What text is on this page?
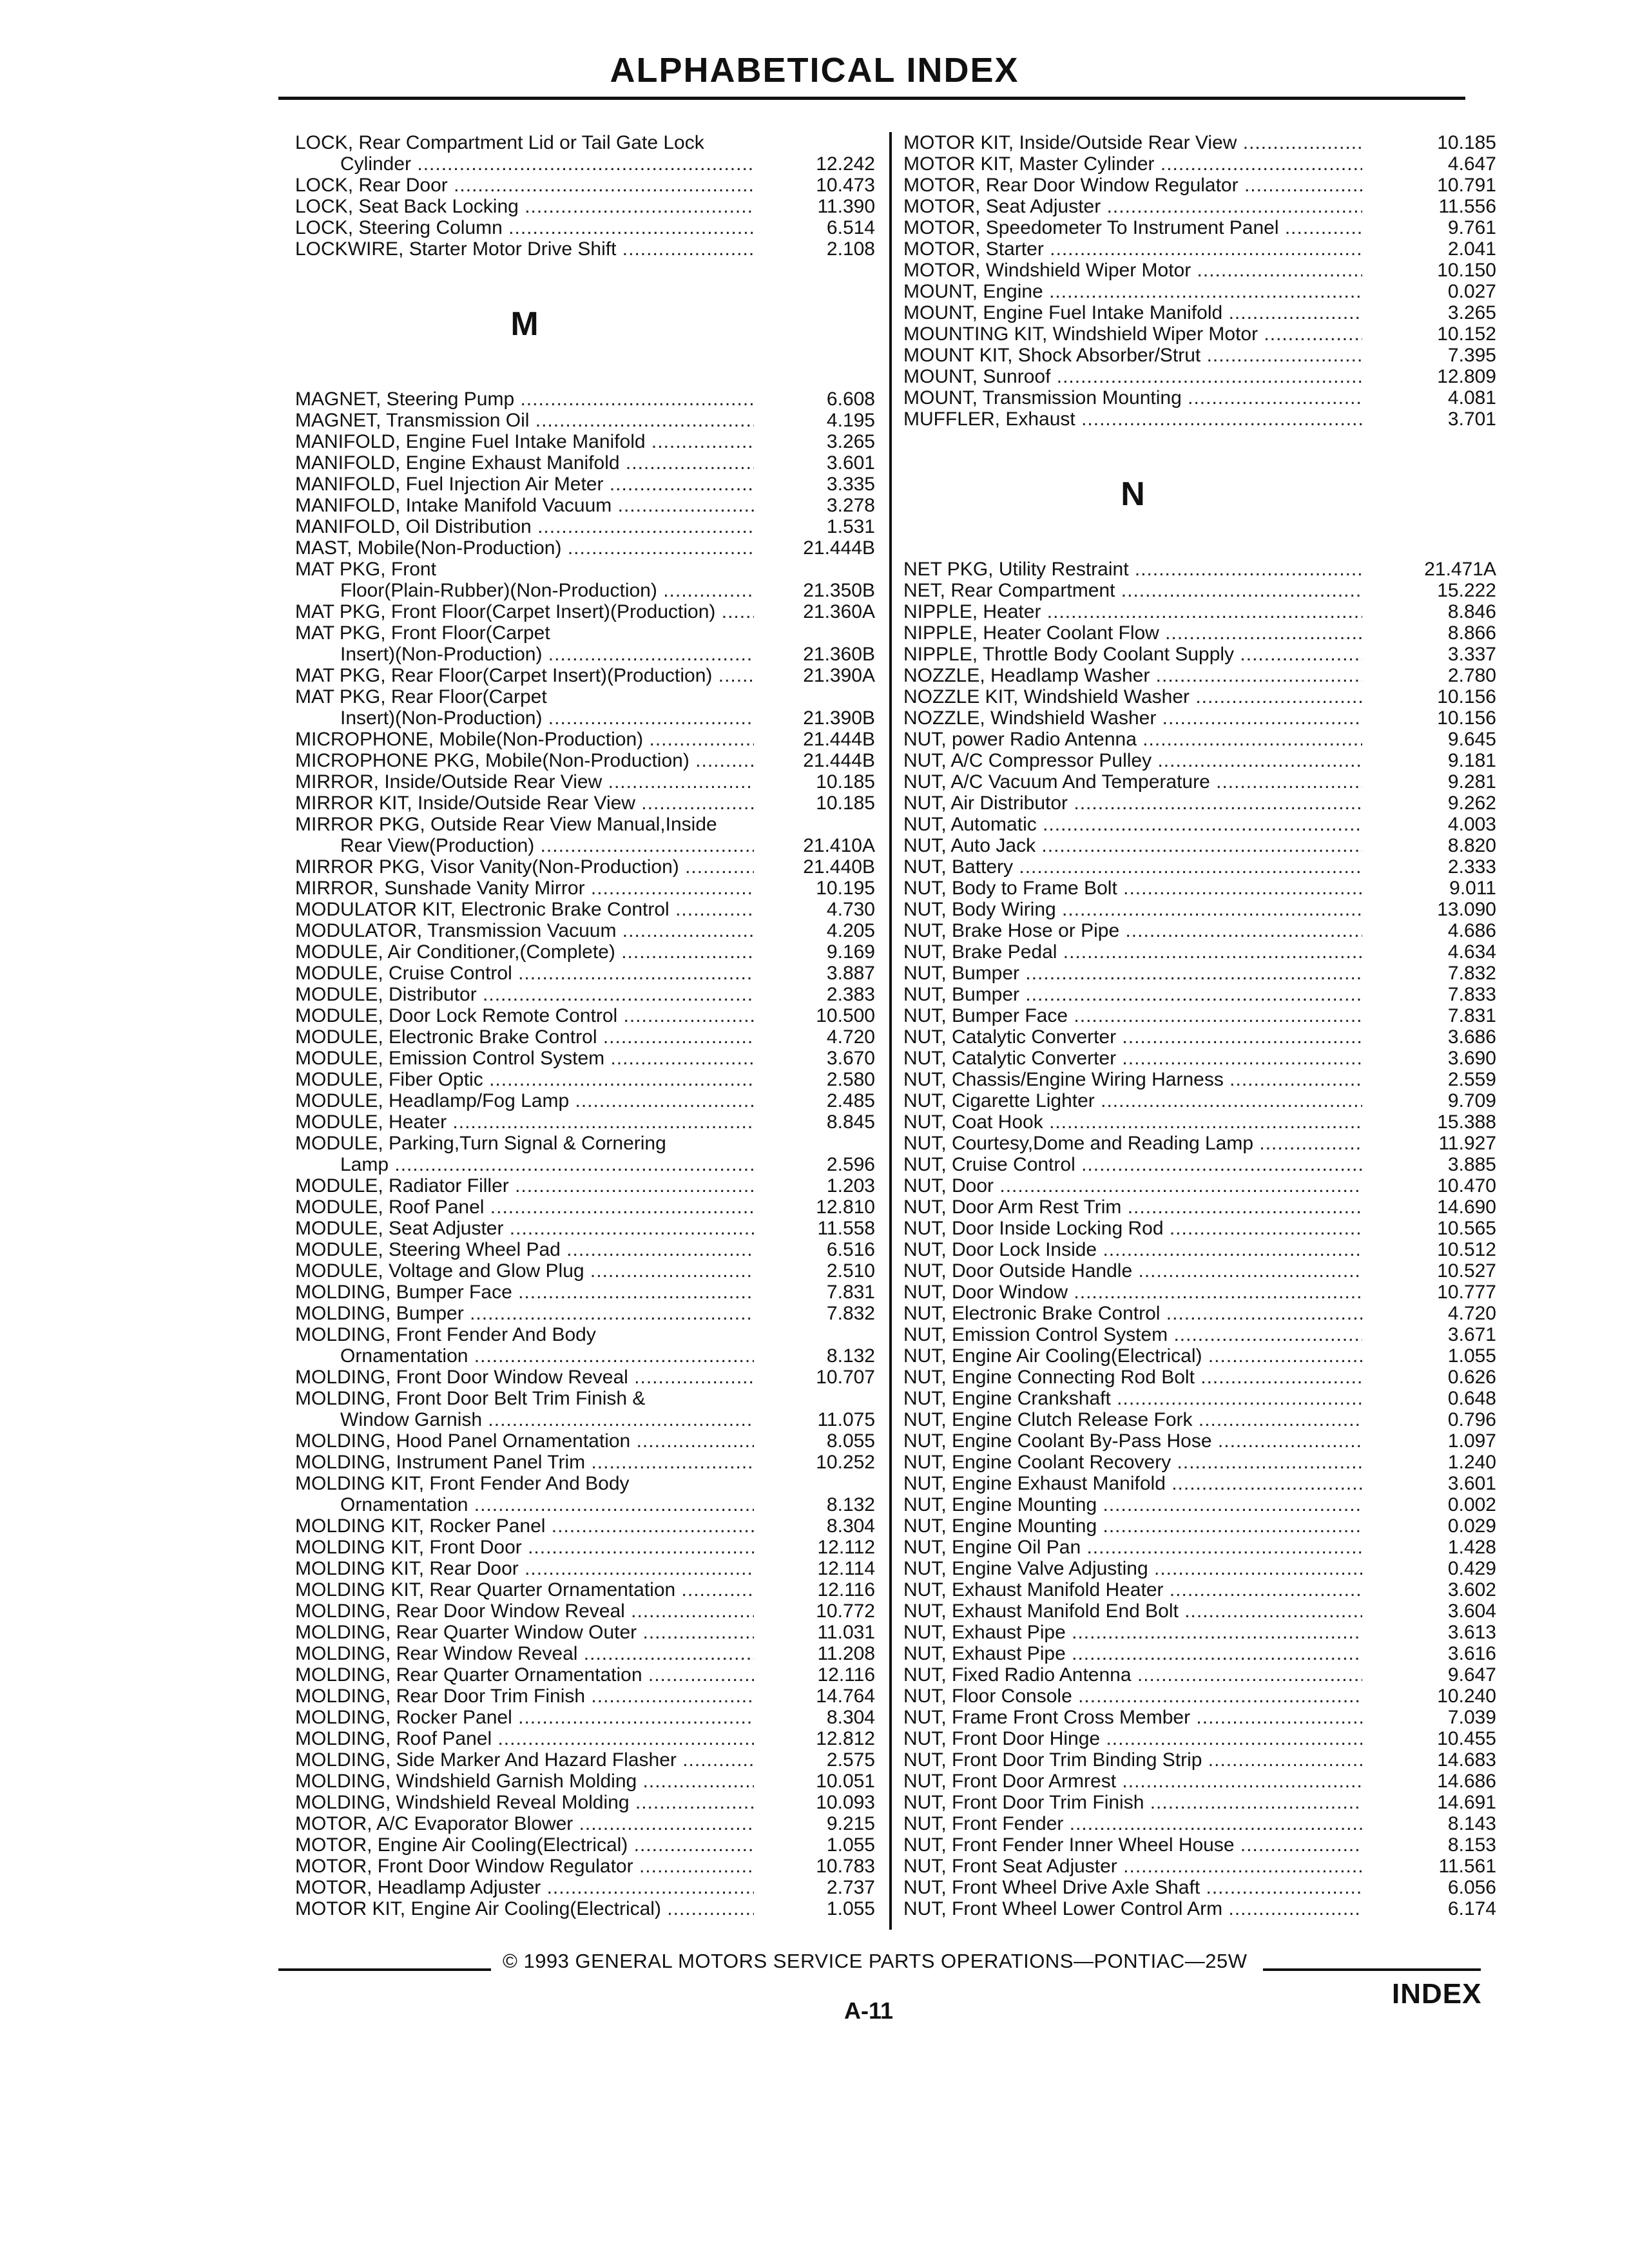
ALPHABETICAL INDEX
LOCK, Rear Compartment Lid or Tail Gate Lock
Cylinder .....	12.242
LOCK, Rear Door .....	10.473
LOCK, Seat Back Locking .....	11.390
LOCK, Steering Column .....	6.514
LOCKWIRE, Starter Motor Drive Shift .....	2.108
M
MAGNET, Steering Pump .....	6.608
MAGNET, Transmission Oil .....	4.195
MANIFOLD, Engine Fuel Intake Manifold .....	3.265
MANIFOLD, Engine Exhaust Manifold .....	3.601
MANIFOLD, Fuel Injection Air Meter .....	3.335
MANIFOLD, Intake Manifold Vacuum .....	3.278
MANIFOLD, Oil Distribution .....	1.531
MAST, Mobile(Non-Production) .....	21.444B
MAT PKG, Front
Floor(Plain-Rubber)(Non-Production) .....	21.350B
MAT PKG, Front Floor(Carpet Insert)(Production) .....	21.360A
MAT PKG, Front Floor(Carpet
Insert)(Non-Production) .....	21.360B
MAT PKG, Rear Floor(Carpet Insert)(Production) .....	21.390A
MAT PKG, Rear Floor(Carpet
Insert)(Non-Production) .....	21.390B
MICROPHONE, Mobile(Non-Production) .....	21.444B
MICROPHONE PKG, Mobile(Non-Production) .....	21.444B
MIRROR, Inside/Outside Rear View .....	10.185
MIRROR KIT, Inside/Outside Rear View .....	10.185
MIRROR PKG, Outside Rear View Manual,Inside
Rear View(Production) .....	21.410A
MIRROR PKG, Visor Vanity(Non-Production) .....	21.440B
MIRROR, Sunshade Vanity Mirror .....	10.195
MODULATOR KIT, Electronic Brake Control .....	4.730
MODULATOR, Transmission Vacuum .....	4.205
MODULE, Air Conditioner,(Complete) .....	9.169
MODULE, Cruise Control .....	3.887
MODULE, Distributor .....	2.383
MODULE, Door Lock Remote Control .....	10.500
MODULE, Electronic Brake Control .....	4.720
MODULE, Emission Control System .....	3.670
MODULE, Fiber Optic .....	2.580
MODULE, Headlamp/Fog Lamp .....	2.485
MODULE, Heater .....	8.845
MODULE, Parking,Turn Signal & Cornering
Lamp .....	2.596
MODULE, Radiator Filler .....	1.203
MODULE, Roof Panel .....	12.810
MODULE, Seat Adjuster .....	11.558
MODULE, Steering Wheel Pad .....	6.516
MODULE, Voltage and Glow Plug .....	2.510
MOLDING, Bumper Face .....	7.831
MOLDING, Bumper .....	7.832
MOLDING, Front Fender And Body
Ornamentation .....	8.132
MOLDING, Front Door Window Reveal .....	10.707
MOLDING, Front Door Belt Trim Finish &
Window Garnish .....	11.075
MOLDING, Hood Panel Ornamentation .....	8.055
MOLDING, Instrument Panel Trim .....	10.252
MOLDING KIT, Front Fender And Body
Ornamentation .....	8.132
MOLDING KIT, Rocker Panel .....	8.304
MOLDING KIT, Front Door .....	12.112
MOLDING KIT, Rear Door .....	12.114
MOLDING KIT, Rear Quarter Ornamentation .....	12.116
MOLDING, Rear Door Window Reveal .....	10.772
MOLDING, Rear Quarter Window Outer .....	11.031
MOLDING, Rear Window Reveal .....	11.208
MOLDING, Rear Quarter Ornamentation .....	12.116
MOLDING, Rear Door Trim Finish .....	14.764
MOLDING, Rocker Panel .....	8.304
MOLDING, Roof Panel .....	12.812
MOLDING, Side Marker And Hazard Flasher .....	2.575
MOLDING, Windshield Garnish Molding .....	10.051
MOLDING, Windshield Reveal Molding .....	10.093
MOTOR, A/C Evaporator Blower .....	9.215
MOTOR, Engine Air Cooling(Electrical) .....	1.055
MOTOR, Front Door Window Regulator .....	10.783
MOTOR, Headlamp Adjuster .....	2.737
MOTOR KIT, Engine Air Cooling(Electrical) .....	1.055
MOTOR KIT, Inside/Outside Rear View .....	10.185
MOTOR KIT, Master Cylinder .....	4.647
MOTOR, Rear Door Window Regulator .....	10.791
MOTOR, Seat Adjuster .....	11.556
MOTOR, Speedometer To Instrument Panel .....	9.761
MOTOR, Starter .....	2.041
MOTOR, Windshield Wiper Motor .....	10.150
MOUNT, Engine .....	0.027
MOUNT, Engine Fuel Intake Manifold .....	3.265
MOUNTING KIT, Windshield Wiper Motor .....	10.152
MOUNT KIT, Shock Absorber/Strut .....	7.395
MOUNT, Sunroof .....	12.809
MOUNT, Transmission Mounting .....	4.081
MUFFLER, Exhaust .....	3.701
N
NET PKG, Utility Restraint .....	21.471A
NET, Rear Compartment .....	15.222
NIPPLE, Heater .....	8.846
NIPPLE, Heater Coolant Flow .....	8.866
NIPPLE, Throttle Body Coolant Supply .....	3.337
NOZZLE, Headlamp Washer .....	2.780
NOZZLE KIT, Windshield Washer .....	10.156
NOZZLE, Windshield Washer .....	10.156
NUT, power Radio Antenna .....	9.645
NUT, A/C Compressor Pulley .....	9.181
NUT, A/C Vacuum And Temperature .....	9.281
NUT, Air Distributor .....	9.262
NUT, Automatic .....	4.003
NUT, Auto Jack .....	8.820
NUT, Battery .....	2.333
NUT, Body to Frame Bolt .....	9.011
NUT, Body Wiring .....	13.090
NUT, Brake Hose or Pipe .....	4.686
NUT, Brake Pedal .....	4.634
NUT, Bumper .....	7.832
NUT, Bumper .....	7.833
NUT, Bumper Face .....	7.831
NUT, Catalytic Converter .....	3.686
NUT, Catalytic Converter .....	3.690
NUT, Chassis/Engine Wiring Harness .....	2.559
NUT, Cigarette Lighter .....	9.709
NUT, Coat Hook .....	15.388
NUT, Courtesy,Dome and Reading Lamp .....	11.927
NUT, Cruise Control .....	3.885
NUT, Door .....	10.470
NUT, Door Arm Rest Trim .....	14.690
NUT, Door Inside Locking Rod .....	10.565
NUT, Door Lock Inside .....	10.512
NUT, Door Outside Handle .....	10.527
NUT, Door Window .....	10.777
NUT, Electronic Brake Control .....	4.720
NUT, Emission Control System .....	3.671
NUT, Engine Air Cooling(Electrical) .....	1.055
NUT, Engine Connecting Rod Bolt .....	0.626
NUT, Engine Crankshaft .....	0.648
NUT, Engine Clutch Release Fork .....	0.796
NUT, Engine Coolant By-Pass Hose .....	1.097
NUT, Engine Coolant Recovery .....	1.240
NUT, Engine Exhaust Manifold .....	3.601
NUT, Engine Mounting .....	0.002
NUT, Engine Mounting .....	0.029
NUT, Engine Oil Pan .....	1.428
NUT, Engine Valve Adjusting .....	0.429
NUT, Exhaust Manifold Heater .....	3.602
NUT, Exhaust Manifold End Bolt .....	3.604
NUT, Exhaust Pipe .....	3.613
NUT, Exhaust Pipe .....	3.616
NUT, Fixed Radio Antenna .....	9.647
NUT, Floor Console .....	10.240
NUT, Frame Front Cross Member .....	7.039
NUT, Front Door Hinge .....	10.455
NUT, Front Door Trim Binding Strip .....	14.683
NUT, Front Door Armrest .....	14.686
NUT, Front Door Trim Finish .....	14.691
NUT, Front Fender .....	8.143
NUT, Front Fender Inner Wheel House .....	8.153
NUT, Front Seat Adjuster .....	11.561
NUT, Front Wheel Drive Axle Shaft .....	6.056
NUT, Front Wheel Lower Control Arm .....	6.174
© 1993 GENERAL MOTORS SERVICE PARTS OPERATIONS—PONTIAC—25W
A-11
INDEX
